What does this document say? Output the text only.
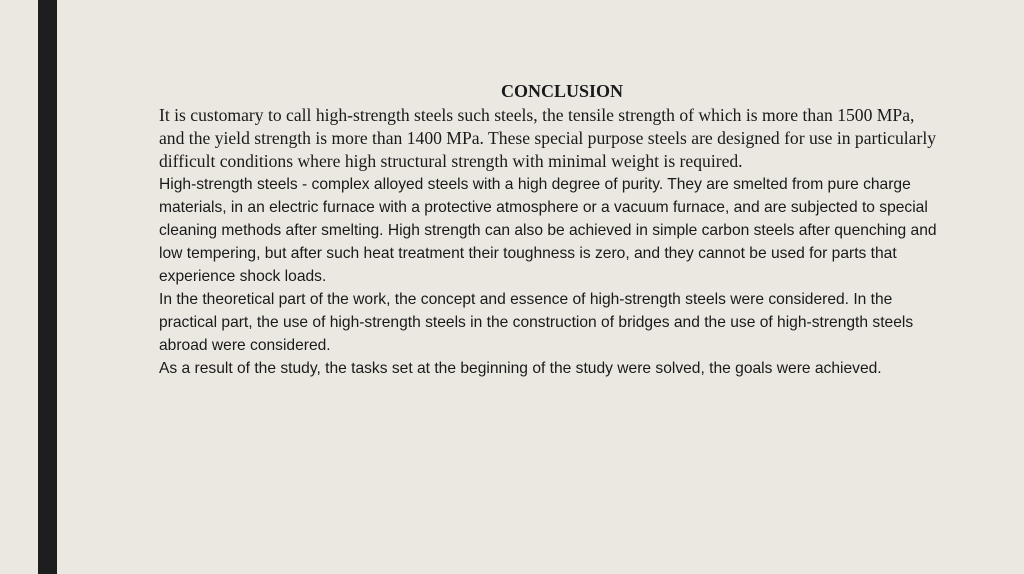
CONCLUSION

It is customary to call high-strength steels such steels, the tensile strength of which is more than 1500 MPa, and the yield strength is more than 1400 MPa. These special purpose steels are designed for use in particularly difficult conditions where high structural strength with minimal weight is required.

High-strength steels - complex alloyed steels with a high degree of purity. They are smelted from pure charge materials, in an electric furnace with a protective atmosphere or a vacuum furnace, and are subjected to special cleaning methods after smelting. High strength can also be achieved in simple carbon steels after quenching and low tempering, but after such heat treatment their toughness is zero, and they cannot be used for parts that experience shock loads.

In the theoretical part of the work, the concept and essence of high-strength steels were considered. In the practical part, the use of high-strength steels in the construction of bridges and the use of high-strength steels abroad were considered.

As a result of the study, the tasks set at the beginning of the study were solved, the goals were achieved.
